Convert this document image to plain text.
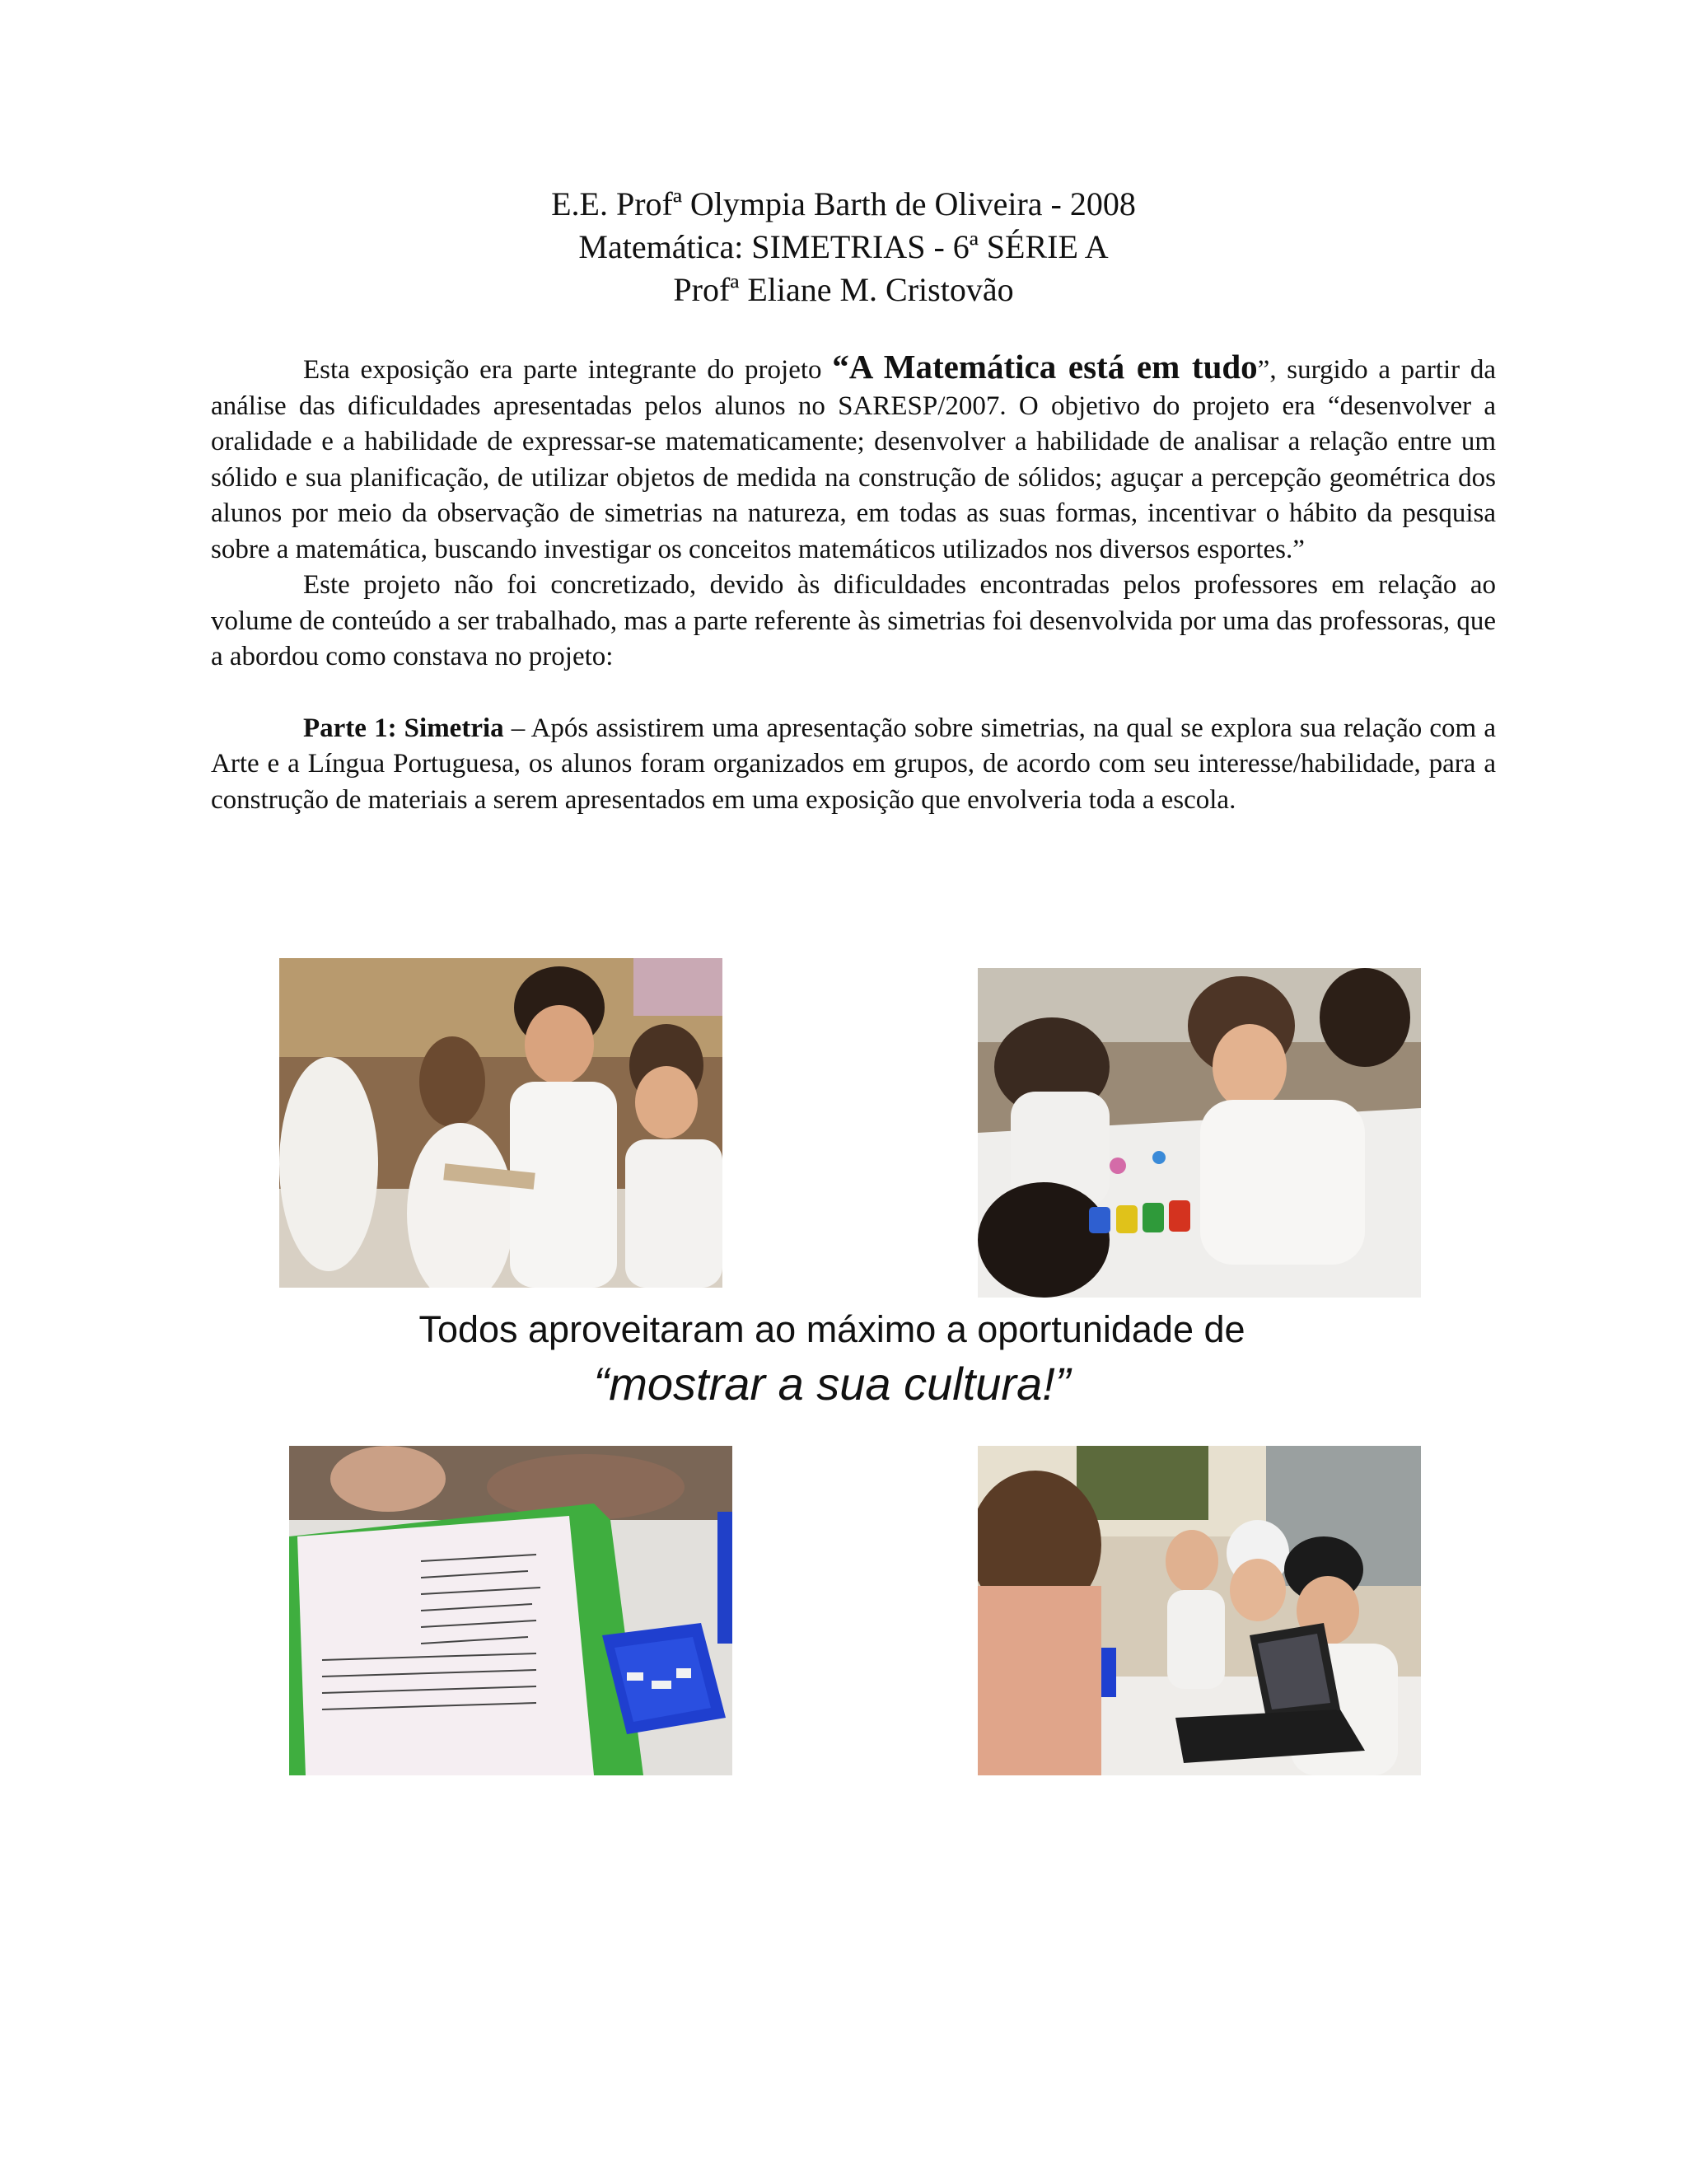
E.E. Profª Olympia Barth de Oliveira - 2008
Matemática: SIMETRIAS - 6ª SÉRIE A
Profª Eliane M. Cristovão

Esta exposição era parte integrante do projeto “A Matemática está em tudo”, surgido a partir da análise das dificuldades apresentadas pelos alunos no SARESP/2007. O objetivo do projeto era “desenvolver a oralidade e a habilidade de expressar-se matematicamente; desenvolver a habilidade de analisar a relação entre um sólido e sua planificação, de utilizar objetos de medida na construção de sólidos; aguçar a percepção geométrica dos alunos por meio da observação de simetrias na natureza, em todas as suas formas, incentivar o hábito da pesquisa sobre a matemática, buscando investigar os conceitos matemáticos utilizados nos diversos esportes.”

Este projeto não foi concretizado, devido às dificuldades encontradas pelos professores em relação ao volume de conteúdo a ser trabalhado, mas a parte referente às simetrias foi desenvolvida por uma das professoras, que a abordou como constava no projeto:

Parte 1: Simetria – Após assistirem uma apresentação sobre simetrias, na qual se explora sua relação com a Arte e a Língua Portuguesa, os alunos foram organizados em grupos, de acordo com seu interesse/habilidade, para a construção de materiais a serem apresentados em uma exposição que envolveria toda a escola.

Todos aproveitaram ao máximo a oportunidade de
“mostrar a sua cultura!”
